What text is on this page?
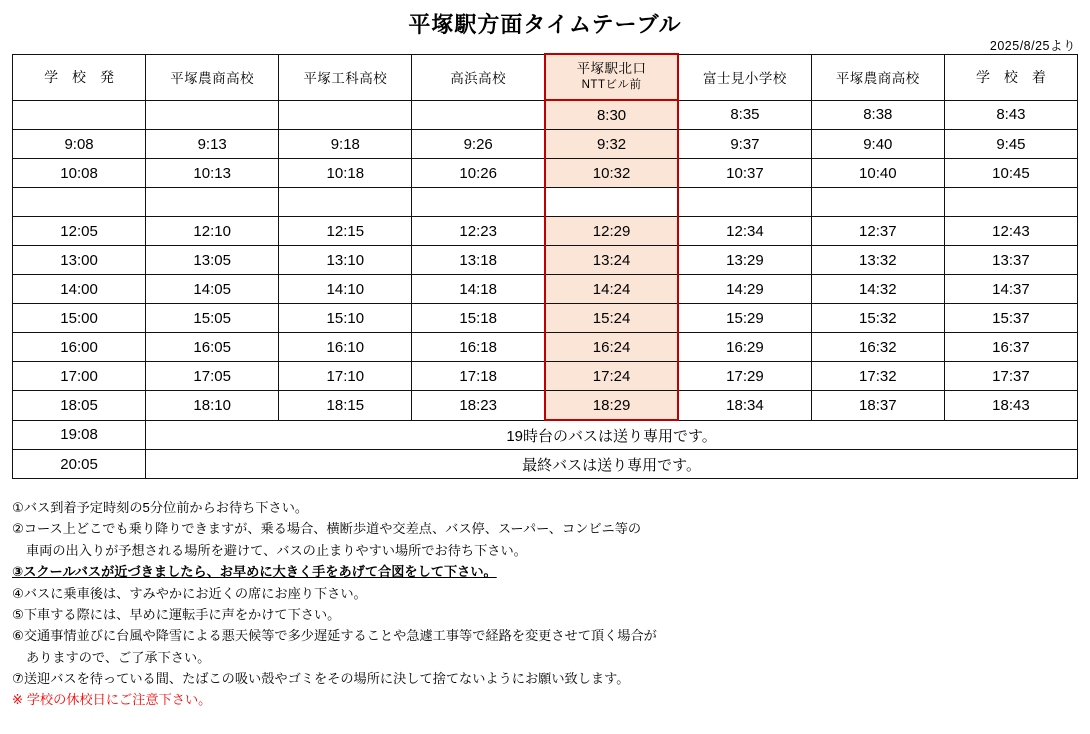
平塚駅方面タイムテーブル
2025/8/25より
学 校 発	平塚農商高校	平塚工科高校	高浜高校	平塚駅北口
NTTビル前	富士見小学校	平塚農商高校	学 校 着
				8:30	8:35	8:38	8:43
9:08	9:13	9:18	9:26	9:32	9:37	9:40	9:45
10:08	10:13	10:18	10:26	10:32	10:37	10:40	10:45

12:05	12:10	12:15	12:23	12:29	12:34	12:37	12:43
13:00	13:05	13:10	13:18	13:24	13:29	13:32	13:37
14:00	14:05	14:10	14:18	14:24	14:29	14:32	14:37
15:00	15:05	15:10	15:18	15:24	15:29	15:32	15:37
16:00	16:05	16:10	16:18	16:24	16:29	16:32	16:37
17:00	17:05	17:10	17:18	17:24	17:29	17:32	17:37
18:05	18:10	18:15	18:23	18:29	18:34	18:37	18:43
19:08	19時台のバスは送り専用です。						
20:05	最終バスは送り専用です。						
①バス到着予定時刻の5分位前からお待ち下さい。
②コース上どこでも乗り降りできますが、乗る場合、横断歩道や交差点、バス停、スーパー、コンビニ等の
車両の出入りが予想される場所を避けて、バスの止まりやすい場所でお待ち下さい。
③スクールバスが近づきましたら、お早めに大きく手をあげて合図をして下さい。
④バスに乗車後は、すみやかにお近くの席にお座り下さい。
⑤下車する際には、早めに運転手に声をかけて下さい。
⑥交通事情並びに台風や降雪による悪天候等で多少遅延することや急遽工事等で経路を変更させて頂く場合が
ありますので、ご了承下さい。
⑦送迎バスを待っている間、たばこの吸い殻やゴミをその場所に決して捨てないようにお願い致します。
※ 学校の休校日にご注意下さい。
